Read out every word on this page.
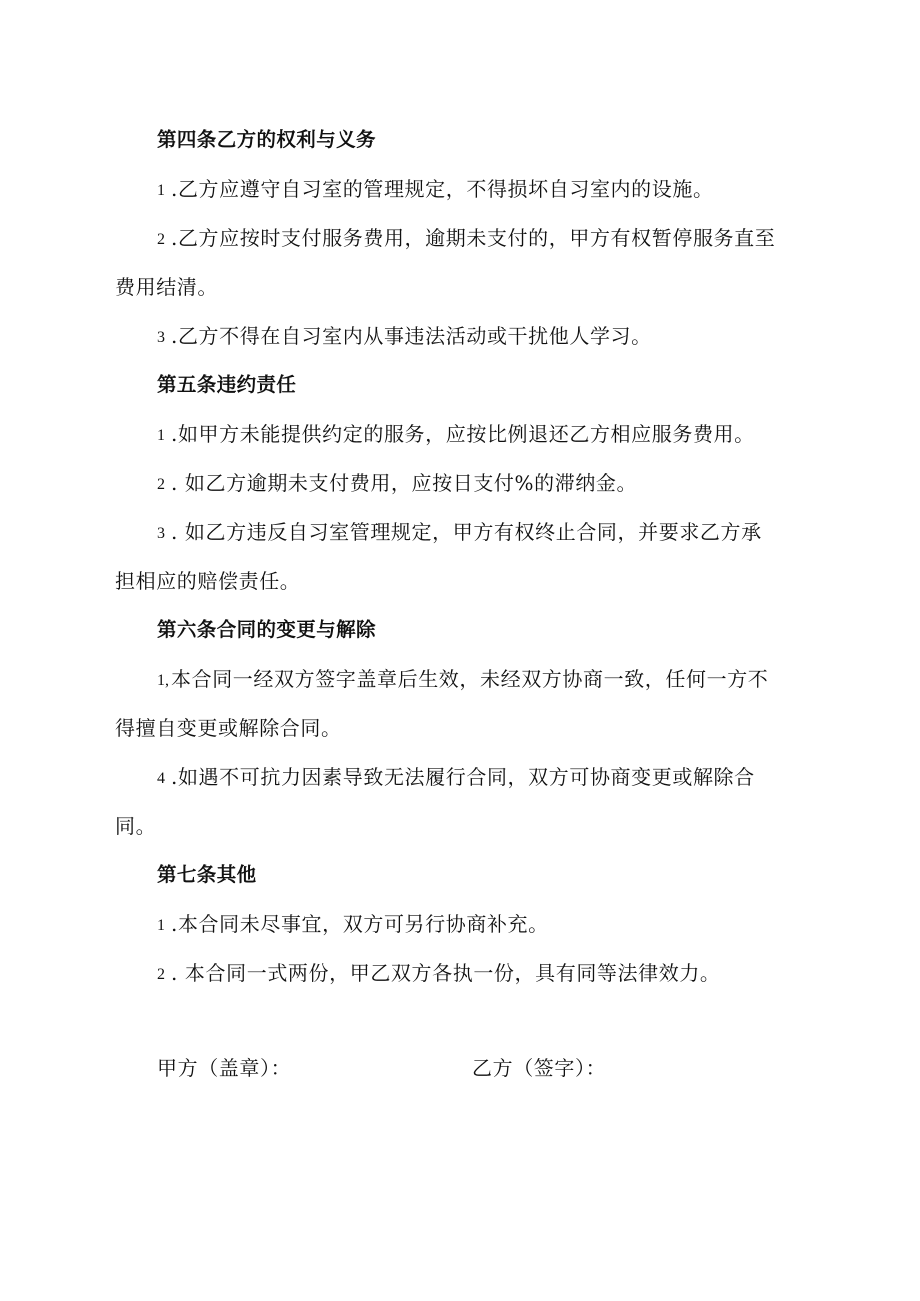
第四条乙方的权利与义务
1 .乙方应遵守自习室的管理规定，不得损坏自习室内的设施。
2 .乙方应按时支付服务费用，逾期未支付的，甲方有权暂停服务直至
费用结清。
3 .乙方不得在自习室内从事违法活动或干扰他人学习。
第五条违约责任
1 .如甲方未能提供约定的服务，应按比例退还乙方相应服务费用。
2 . 如乙方逾期未支付费用，应按日支付%的滞纳金。
3 . 如乙方违反自习室管理规定，甲方有权终止合同，并要求乙方承
担相应的赔偿责任。
第六条合同的变更与解除
1, 本合同一经双方签字盖章后生效，未经双方协商一致，任何一方不
得擅自变更或解除合同。
4 .如遇不可抗力因素导致无法履行合同，双方可协商变更或解除合
同。
第七条其他
1 .本合同未尽事宜，双方可另行协商补充。
2 . 本合同一式两份，甲乙双方各执一份，具有同等法律效力。
甲方（盖章）：	乙方（签字）：
